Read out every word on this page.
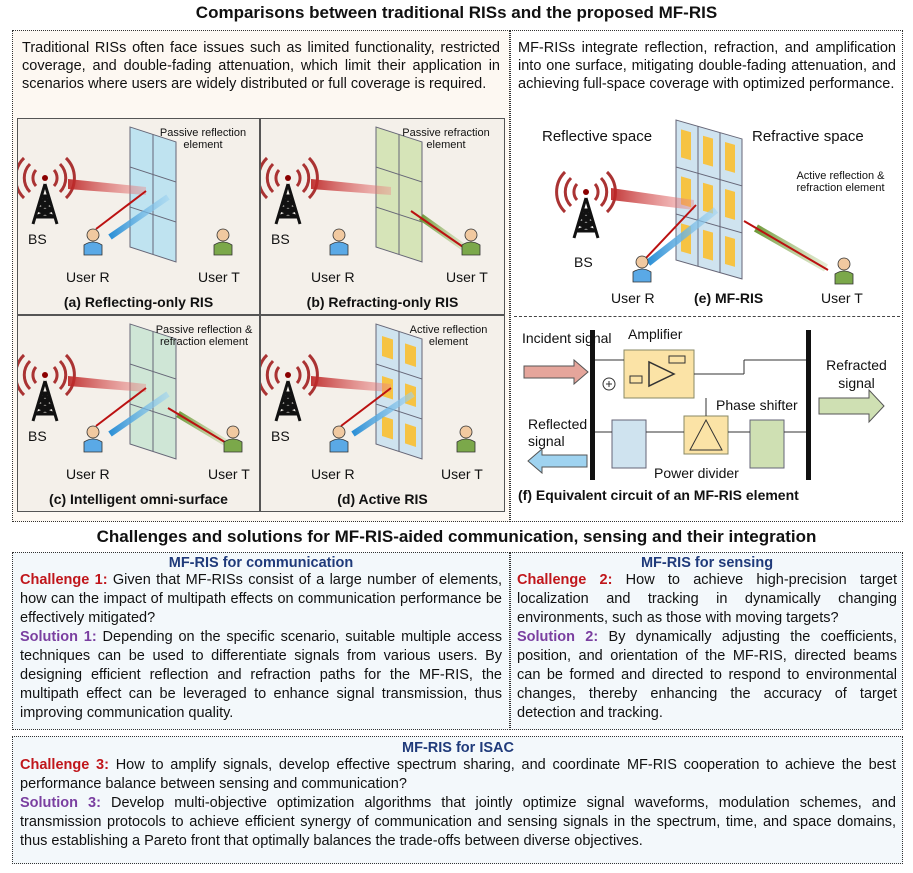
Comparisons between traditional RISs and the proposed MF-RIS
Traditional RISs often face issues such as limited functionality, restricted coverage, and double-fading attenuation, which limit their application in scenarios where users are widely distributed or full coverage is required.
MF-RISs integrate reflection, refraction, and amplification into one surface, mitigating double-fading attenuation, and achieving full-space coverage with optimized performance.
Passive reflection element
BS
User R	User T
(a) Reflecting-only RIS
Passive refraction element
BS
User R	User T
(b) Refracting-only RIS
Passive reflection & refraction element
BS
User R	User T
(c) Intelligent omni-surface
Active reflection element
BS
User R	User T
(d) Active RIS
Reflective space	Refractive space
Active reflection & refraction element
BS
User R	User T
(e) MF-RIS
Incident signal Amplifier
Refracted signal
Reflected signal
Phase shifter
Power divider
(f) Equivalent circuit of an MF-RIS element
Challenges and solutions for MF-RIS-aided communication, sensing and their integration
MF-RIS for communication
Challenge 1: Given that MF-RISs consist of a large number of elements, how can the impact of multipath effects on communication performance be effectively mitigated?
Solution 1: Depending on the specific scenario, suitable multiple access techniques can be used to differentiate signals from various users. By designing efficient reflection and refraction paths for the MF-RIS, the multipath effect can be leveraged to enhance signal transmission, thus improving communication quality.
MF-RIS for sensing
Challenge 2: How to achieve high-precision target localization and tracking in dynamically changing environments, such as those with moving targets?
Solution 2: By dynamically adjusting the coefficients, position, and orientation of the MF-RIS, directed beams can be formed and directed to respond to environmental changes, thereby enhancing the accuracy of target detection and tracking.
MF-RIS for ISAC
Challenge 3: How to amplify signals, develop effective spectrum sharing, and coordinate MF-RIS cooperation to achieve the best performance balance between sensing and communication?
Solution 3: Develop multi-objective optimization algorithms that jointly optimize signal waveforms, modulation schemes, and transmission protocols to achieve efficient synergy of communication and sensing signals in the spectrum, time, and space domains, thus establishing a Pareto front that optimally balances the trade-offs between diverse objectives.
